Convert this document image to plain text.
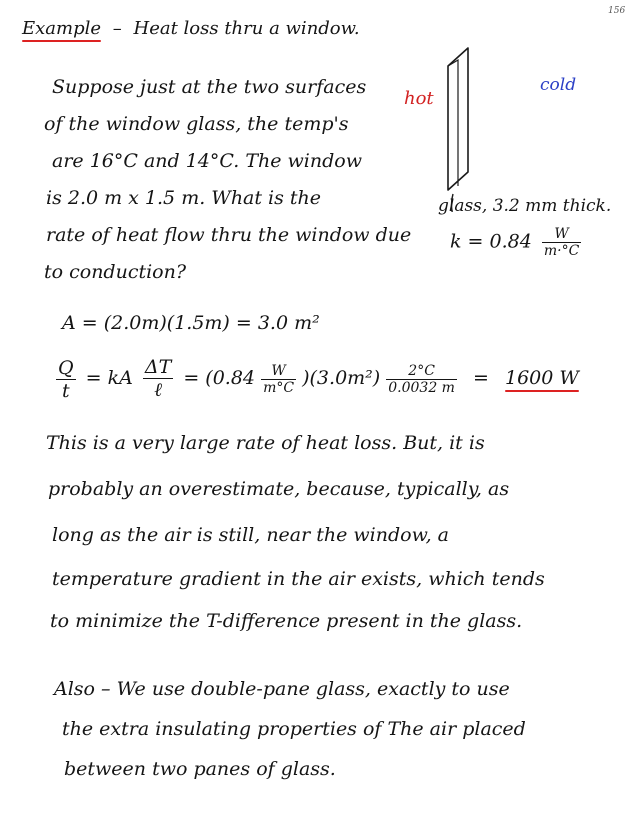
156
Example – Heat loss thru a window.
Suppose just at the two surfaces
of the window glass, the temp's
are 16°C and 14°C. The window
is 2.0 m x 1.5 m. What is the
rate of heat flow thru the window due
to conduction?
hot
cold
glass, 3.2 mm thick.
$k = 0.84 \frac{W}{m\cdot^\circ C}$
A = (2.0m)(1.5m) = 3.0 m²
$\frac{Q}{t}$ = kA $\frac{\Delta T}{\text{ℓ}} = (0.84 \frac{W}{m^\circ C} )(3.0m^2) \frac{2^\circ C}{0.0032 m} = 1600$ W
This is a very large rate of heat loss. But, it is
probably an overestimate, because, typically, as
long as the air is still, near the window, a
temperature gradient in the air exists, which tends
to minimize the T-difference present in the glass.
Also – We use double-pane glass, exactly to use
the extra insulating properties of The air placed
between two panes of glass.
